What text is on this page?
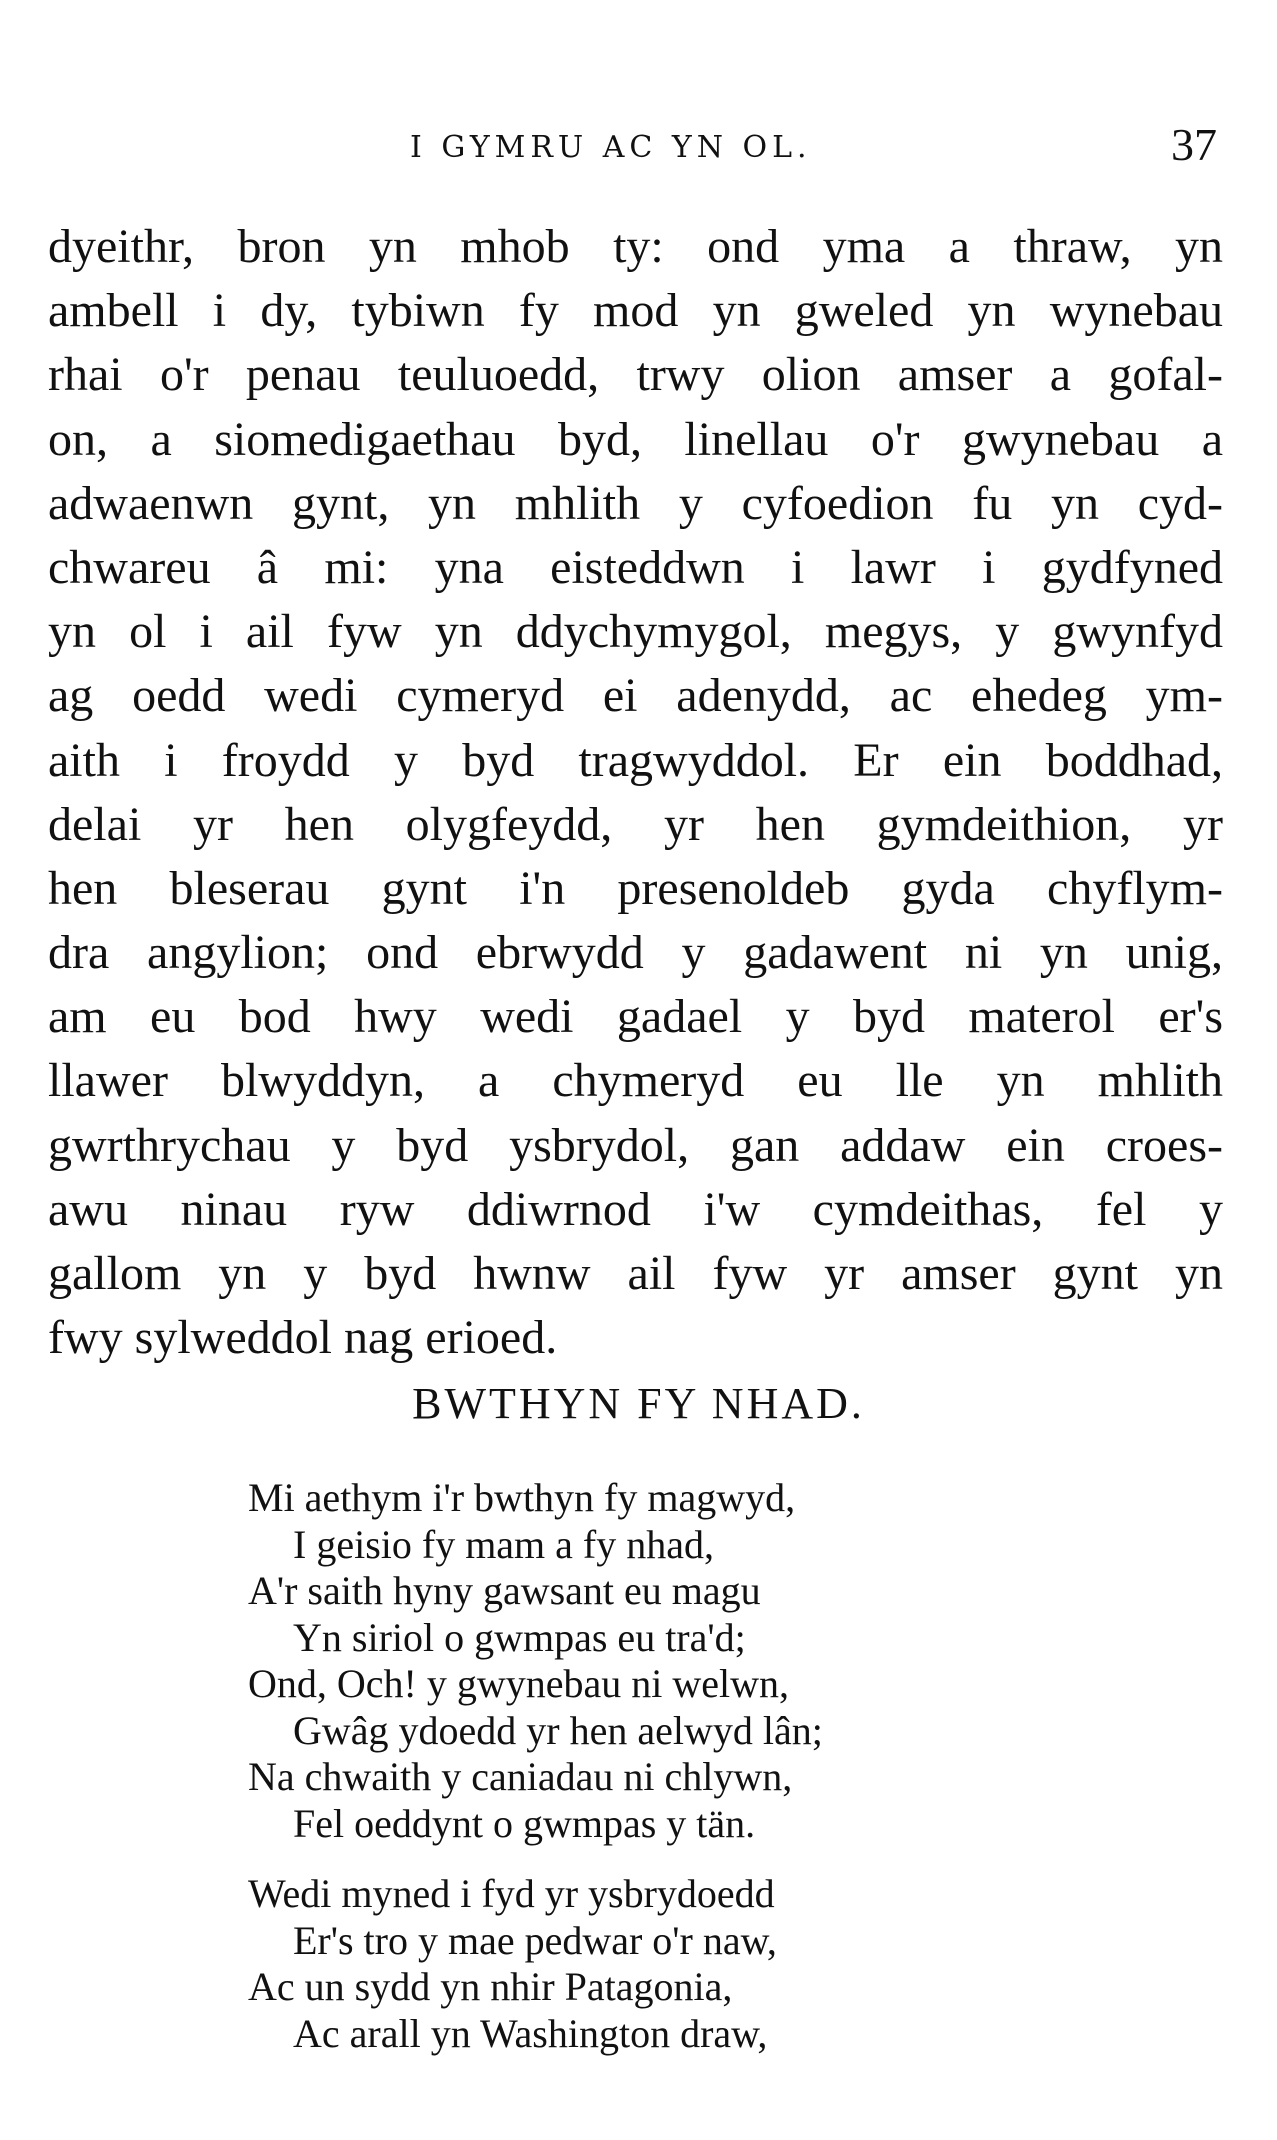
I GYMRU AC YN OL.	37
dyeithr, bron yn mhob ty: ond yma a thraw, yn
ambell i dy, tybiwn fy mod yn gweled yn wynebau
rhai o'r penau teuluoedd, trwy olion amser a gofal-
on, a siomedigaethau byd, linellau o'r gwynebau a
adwaenwn gynt, yn mhlith y cyfoedion fu yn cyd-
chwareu â mi: yna eisteddwn i lawr i gydfyned
yn ol i ail fyw yn ddychymygol, megys, y gwynfyd
ag oedd wedi cymeryd ei adenydd, ac ehedeg ym-
aith i froydd y byd tragwyddol. Er ein boddhad,
delai yr hen olygfeydd, yr hen gymdeithion, yr
hen bleserau gynt i'n presenoldeb gyda chyflym-
dra angylion; ond ebrwydd y gadawent ni yn unig,
am eu bod hwy wedi gadael y byd materol er's
llawer blwyddyn, a chymeryd eu lle yn mhlith
gwrthrychau y byd ysbrydol, gan addaw ein croes-
awu ninau ryw ddiwrnod i'w cymdeithas, fel y
gallom yn y byd hwnw ail fyw yr amser gynt yn
fwy sylweddol nag erioed.
BWTHYN FY NHAD.
Mi aethym i'r bwthyn fy magwyd,
I geisio fy mam a fy nhad,
A'r saith hyny gawsant eu magu
Yn siriol o gwmpas eu tra'd;
Ond, Och! y gwynebau ni welwn,
Gwâg ydoedd yr hen aelwyd lân;
Na chwaith y caniadau ni chlywn,
Fel oeddynt o gwmpas y tän.
Wedi myned i fyd yr ysbrydoedd
Er's tro y mae pedwar o'r naw,
Ac un sydd yn nhir Patagonia,
Ac arall yn Washington draw,
